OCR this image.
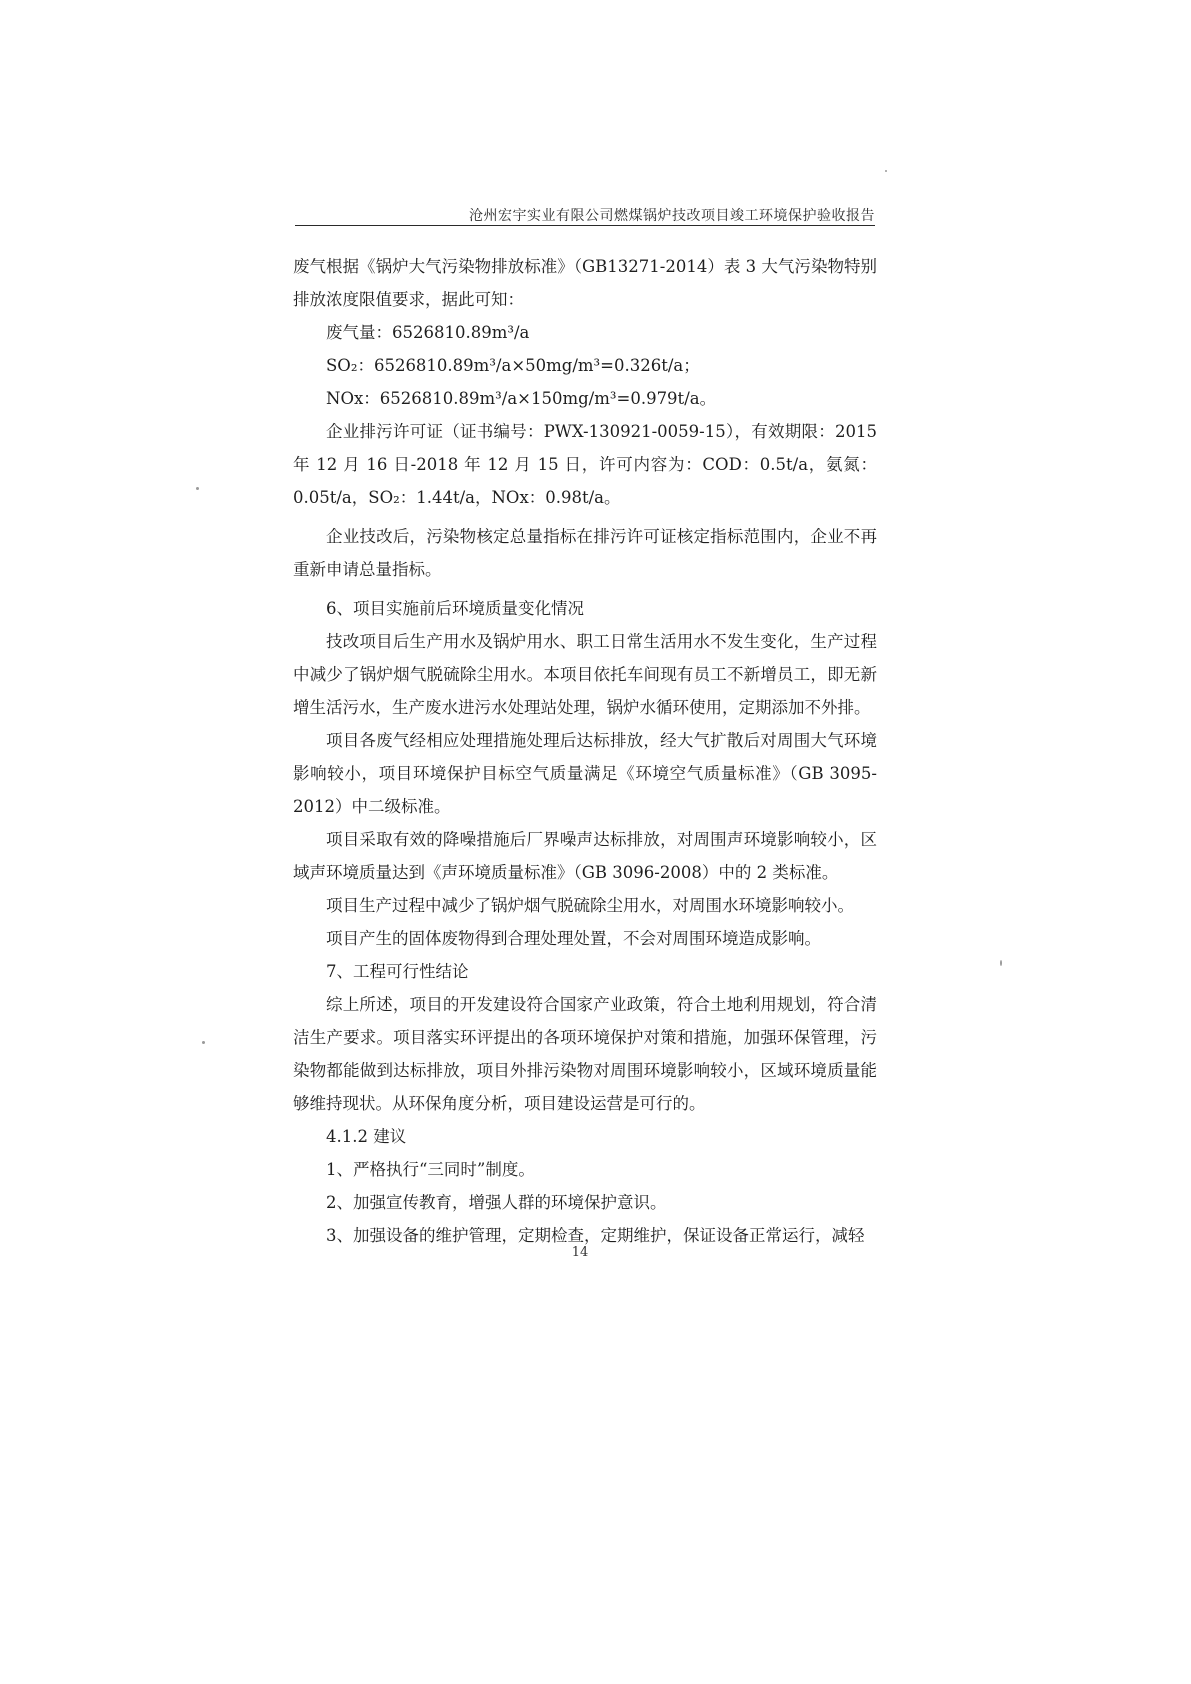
沧州宏宇实业有限公司燃煤锅炉技改项目竣工环境保护验收报告

废气根据《锅炉大气污染物排放标准》（GB13271-2014）表 3 大气污染物特别排放浓度限值要求，据此可知：

废气量：6526810.89m³/a

SO₂：6526810.89m³/a×50mg/m³=0.326t/a；

NOx：6526810.89m³/a×150mg/m³=0.979t/a。

企业排污许可证（证书编号：PWX-130921-0059-15），有效期限：2015 年 12 月 16 日-2018 年 12 月 15 日，许可内容为：COD：0.5t/a，氨氮：0.05t/a，SO₂：1.44t/a，NOx：0.98t/a。

企业技改后，污染物核定总量指标在排污许可证核定指标范围内，企业不再重新申请总量指标。

6、项目实施前后环境质量变化情况

技改项目后生产用水及锅炉用水、职工日常生活用水不发生变化，生产过程中减少了锅炉烟气脱硫除尘用水。本项目依托车间现有员工不新增员工，即无新增生活污水，生产废水进污水处理站处理，锅炉水循环使用，定期添加不外排。

项目各废气经相应处理措施处理后达标排放，经大气扩散后对周围大气环境影响较小，项目环境保护目标空气质量满足《环境空气质量标准》（GB 3095-2012）中二级标准。

项目采取有效的降噪措施后厂界噪声达标排放，对周围声环境影响较小，区域声环境质量达到《声环境质量标准》（GB 3096-2008）中的 2 类标准。

项目生产过程中减少了锅炉烟气脱硫除尘用水，对周围水环境影响较小。

项目产生的固体废物得到合理处理处置，不会对周围环境造成影响。

7、工程可行性结论

综上所述，项目的开发建设符合国家产业政策，符合土地利用规划，符合清洁生产要求。项目落实环评提出的各项环境保护对策和措施，加强环保管理，污染物都能做到达标排放，项目外排污染物对周围环境影响较小，区域环境质量能够维持现状。从环保角度分析，项目建设运营是可行的。

4.1.2 建议

1、严格执行“三同时”制度。

2、加强宣传教育，增强人群的环境保护意识。

3、加强设备的维护管理，定期检查，定期维护，保证设备正常运行，减轻

14
